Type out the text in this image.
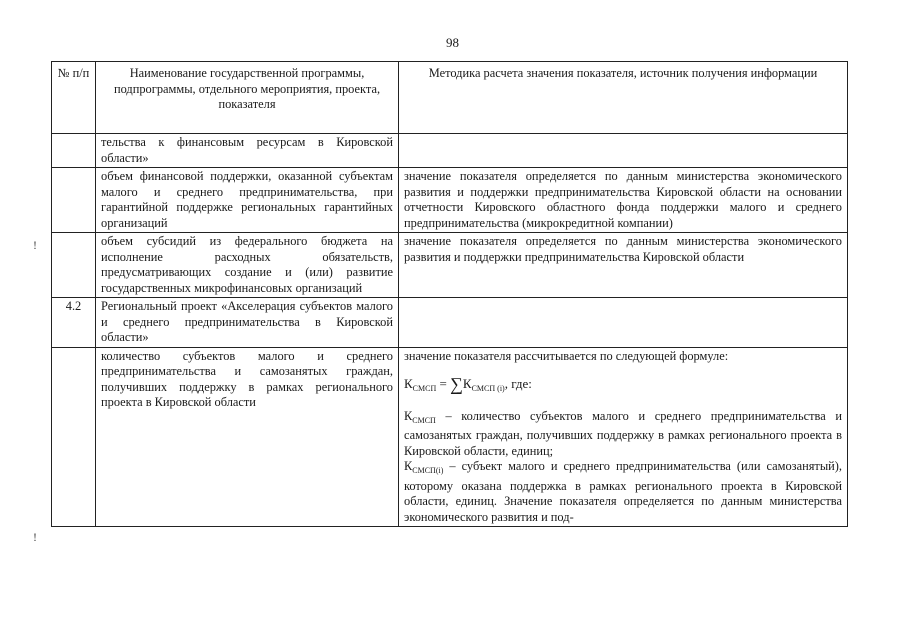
98
!
!
№ п/п	Наименование государственной программы, подпрограммы, отдельного мероприятия, проекта, показателя	Методика расчета значения показателя, источник получения информации
	тельства к финансовым ресурсам в Кировской области»	
	объем финансовой поддержки, оказанной субъектам малого и среднего предпринимательства, при гарантийной поддержке региональных гарантийных организаций	значение показателя определяется по данным министерства экономического развития и поддержки предпринимательства Кировской области на основании отчетности Кировского областного фонда поддержки малого и среднего предпринимательства (микрокредитной компании)
	объем субсидий из федерального бюджета на исполнение расходных обязательств, предусматривающих создание и (или) развитие государственных микрофинансовых организаций	значение показателя определяется по данным министерства экономического развития и поддержки предпринимательства Кировской области
4.2	Региональный проект «Акселерация субъектов малого и среднего предпринимательства в Кировской области»	
	количество субъектов малого и среднего предпринимательства и самозанятых граждан, получивших поддержку в рамках регионального проекта в Кировской области	значение показателя рассчитывается по следующей формуле:

$К_{СМСП} = \sum К_{СМСП (i)}$, где:

$К_{СМСП}$ – количество субъектов малого и среднего предпринимательства и самозанятых граждан, получивших поддержку в рамках регионального проекта в Кировской области, единиц;

$К_{СМСП(i)}$ – субъект малого и среднего предпринимательства (или самозанятый), которому оказана поддержка в рамках регионального проекта в Кировской области, единиц. Значение показателя определяется по данным министерства экономического развития и под-
